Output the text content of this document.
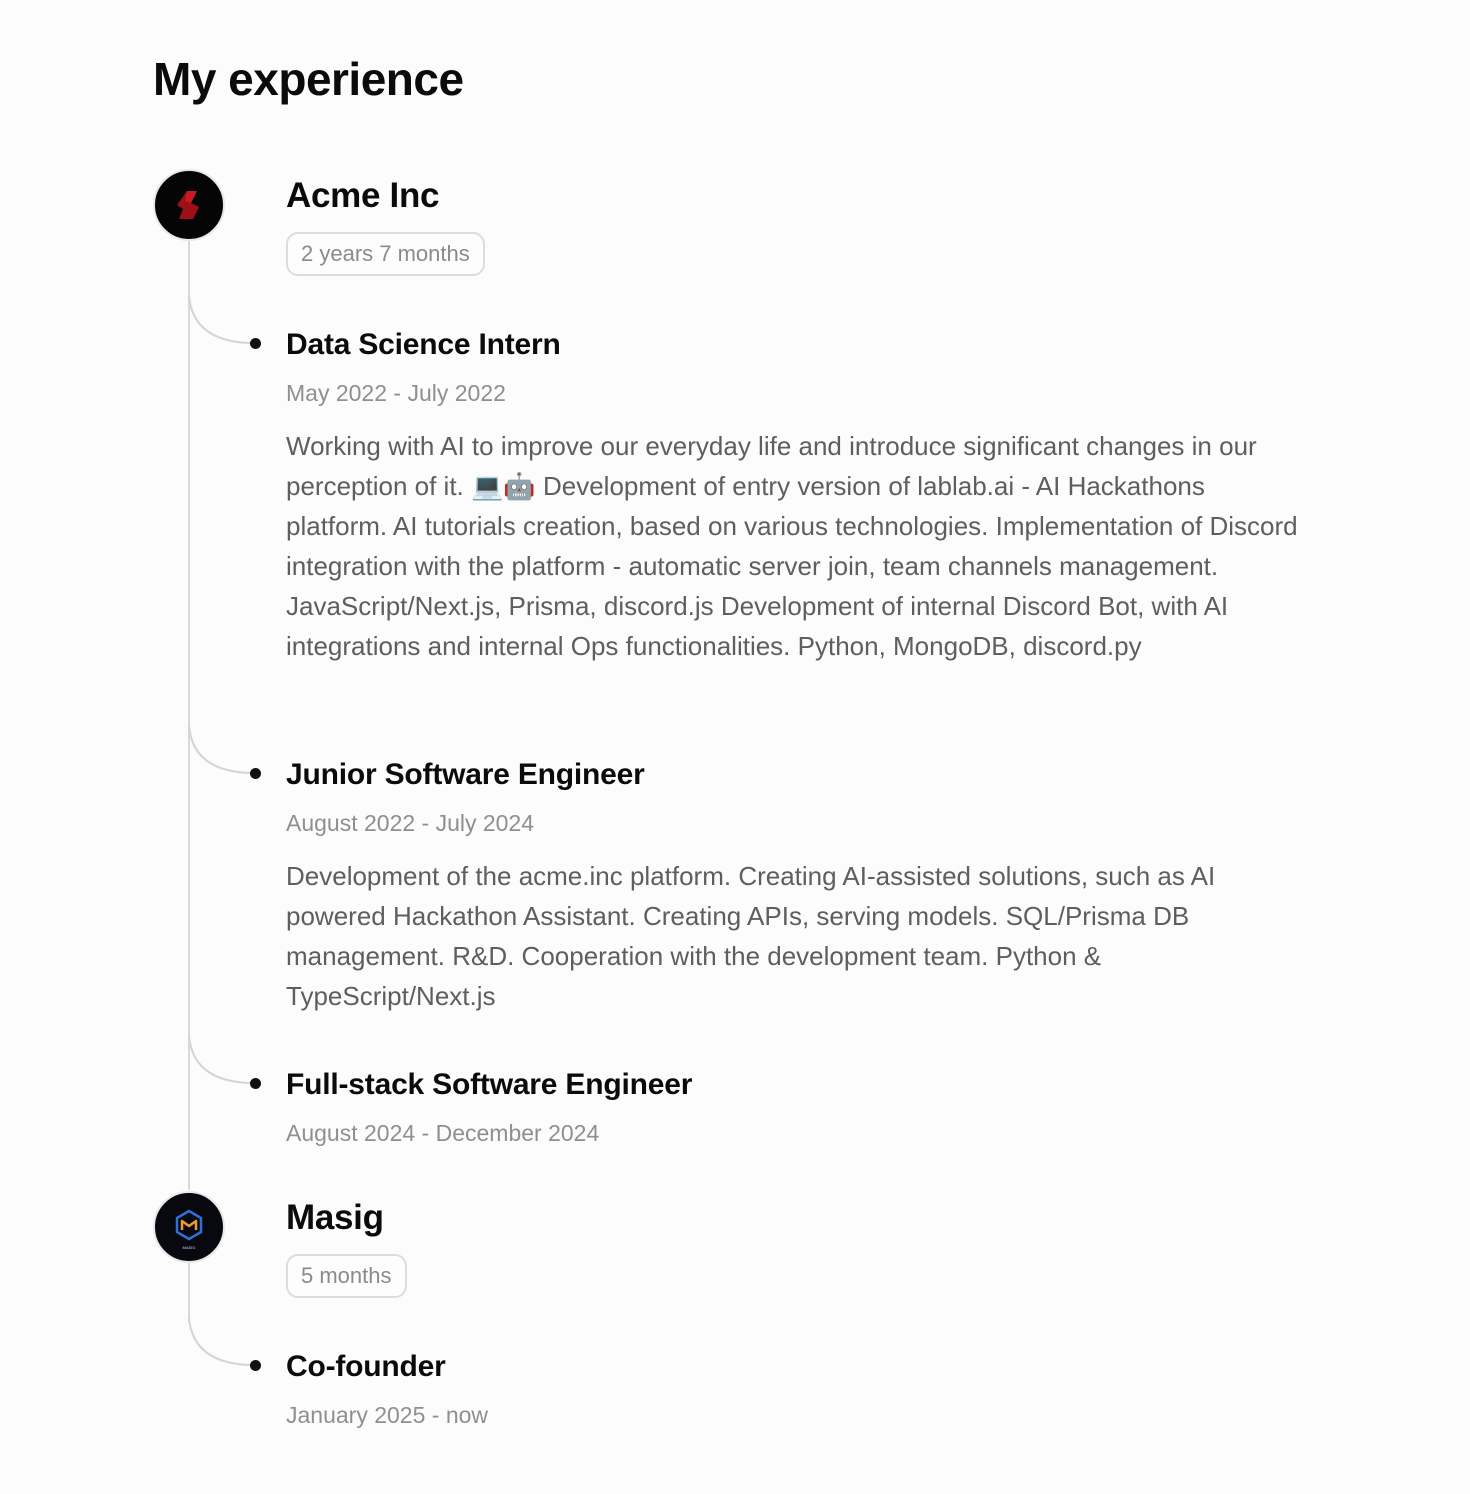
My experience
Acme Inc
2 years 7 months
Data Science Intern
May 2022 - July 2022
Working with AI to improve our everyday life and introduce significant changes in our perception of it. 💻🤖 Development of entry version of lablab.ai - AI Hackathons platform. AI tutorials creation, based on various technologies. Implementation of Discord integration with the platform - automatic server join, team channels management. JavaScript/Next.js, Prisma, discord.js Development of internal Discord Bot, with AI integrations and internal Ops functionalities. Python, MongoDB, discord.py
Junior Software Engineer
August 2022 - July 2024
Development of the acme.inc platform. Creating AI-assisted solutions, such as AI powered Hackathon Assistant. Creating APIs, serving models. SQL/Prisma DB management. R&D. Cooperation with the development team. Python & TypeScript/Next.js
Full-stack Software Engineer
August 2024 - December 2024
MASIG
Masig
5 months
Co-founder
January 2025 - now
